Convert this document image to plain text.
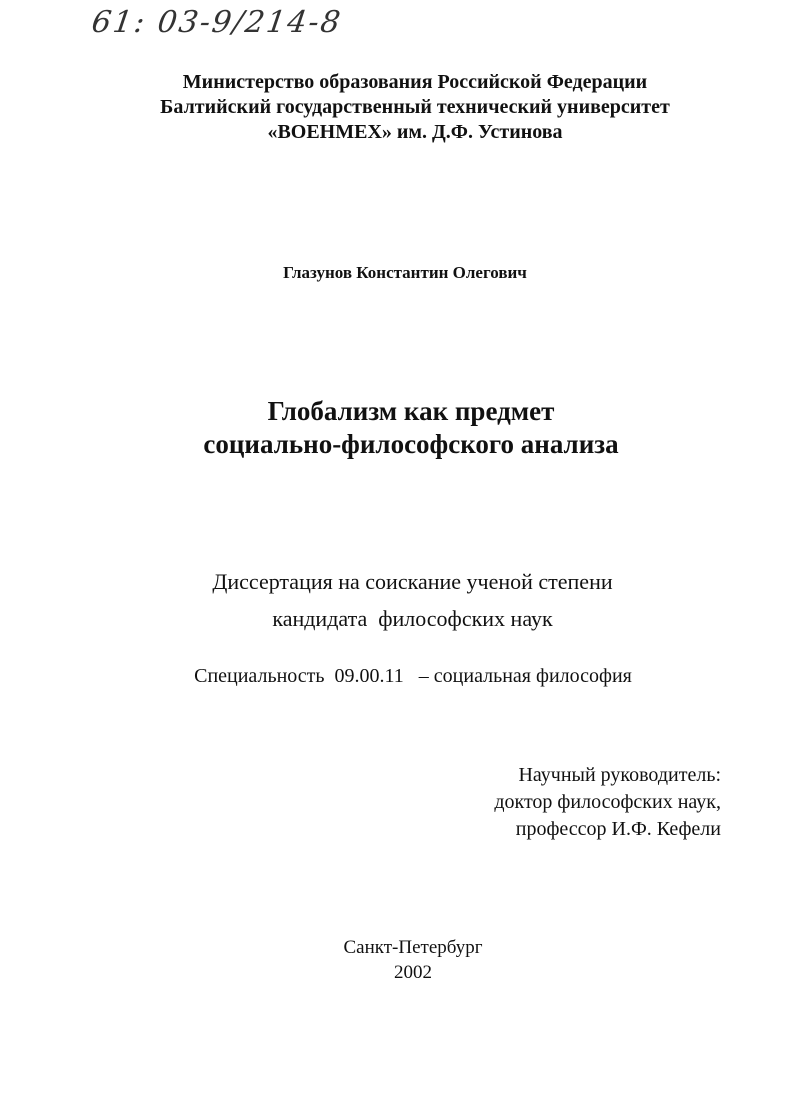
61: 03-9/214-8
Министерство образования Российской Федерации
Балтийский государственный технический университет
«ВОЕНМЕХ» им. Д.Ф. Устинова
Глазунов Константин Олегович
Глобализм как предмет
социально-философского анализа
Диссертация на соискание ученой степени
кандидата  философских наук
Специальность  09.00.11   – социальная философия
Научный руководитель:
доктор философских наук,
профессор И.Ф. Кефели
Санкт-Петербург
2002
